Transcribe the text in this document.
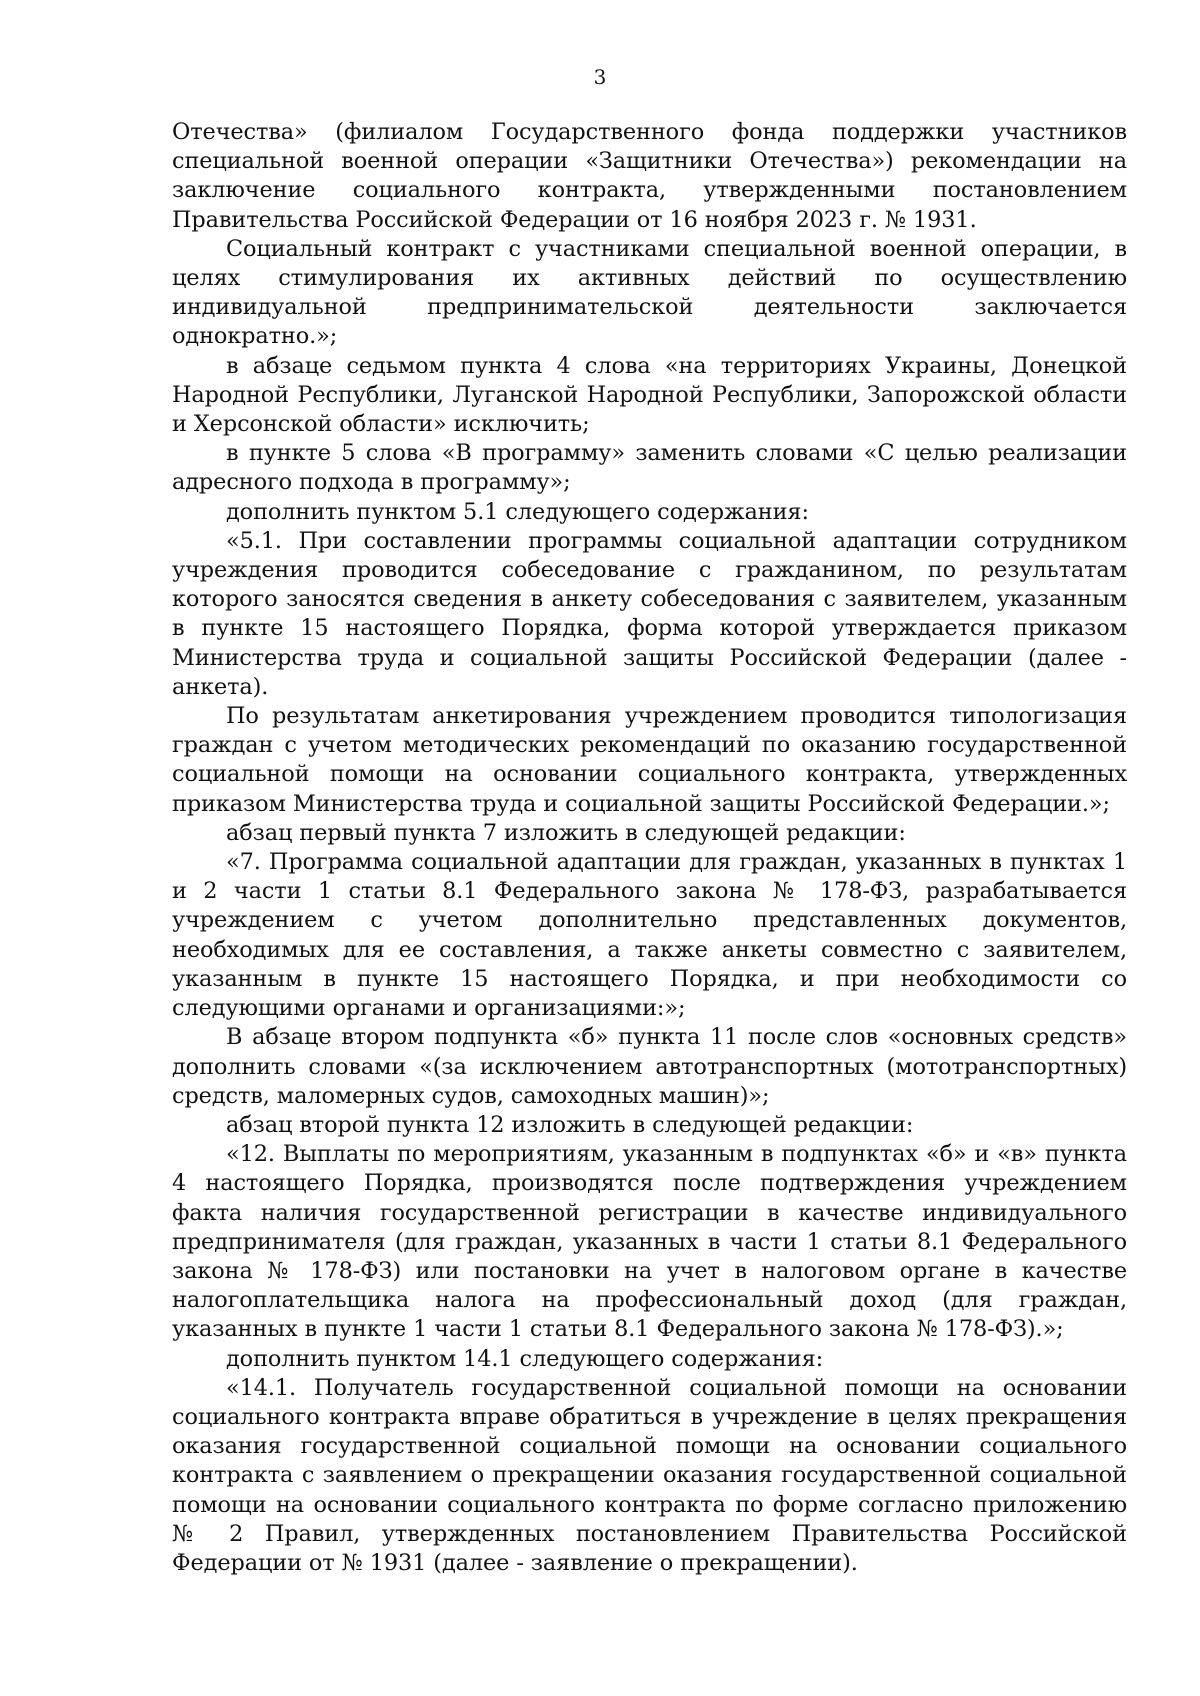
3

Отечества» (филиалом Государственного фонда поддержки участников специальной военной операции «Защитники Отечества») рекомендации на заключение социального контракта, утвержденными постановлением Правительства Российской Федерации от 16 ноября 2023 г. № 1931.

Социальный контракт с участниками специальной военной операции, в целях стимулирования их активных действий по осуществлению индивидуальной предпринимательской деятельности заключается однократно.»;

в абзаце седьмом пункта 4 слова «на территориях Украины, Донецкой Народной Республики, Луганской Народной Республики, Запорожской области и Херсонской области» исключить;

в пункте 5 слова «В программу» заменить словами «С целью реализации адресного подхода в программу»;

дополнить пунктом 5.1 следующего содержания:

«5.1. При составлении программы социальной адаптации сотрудником учреждения проводится собеседование с гражданином, по результатам которого заносятся сведения в анкету собеседования с заявителем, указанным в пункте 15 настоящего Порядка, форма которой утверждается приказом Министерства труда и социальной защиты Российской Федерации (далее - анкета).

По результатам анкетирования учреждением проводится типологизация граждан с учетом методических рекомендаций по оказанию государственной социальной помощи на основании социального контракта, утвержденных приказом Министерства труда и социальной защиты Российской Федерации.»;

абзац первый пункта 7 изложить в следующей редакции:

«7. Программа социальной адаптации для граждан, указанных в пунктах 1 и 2 части 1 статьи 8.1 Федерального закона № 178-ФЗ, разрабатывается учреждением с учетом дополнительно представленных документов, необходимых для ее составления, а также анкеты совместно с заявителем, указанным в пункте 15 настоящего Порядка, и при необходимости со следующими органами и организациями:»;

В абзаце втором подпункта «б» пункта 11 после слов «основных средств» дополнить словами «(за исключением автотранспортных (мототранспортных) средств, маломерных судов, самоходных машин)»;

абзац второй пункта 12 изложить в следующей редакции:

«12. Выплаты по мероприятиям, указанным в подпунктах «б» и «в» пункта 4 настоящего Порядка, производятся после подтверждения учреждением факта наличия государственной регистрации в качестве индивидуального предпринимателя (для граждан, указанных в части 1 статьи 8.1 Федерального закона № 178-ФЗ) или постановки на учет в налоговом органе в качестве налогоплательщика налога на профессиональный доход (для граждан, указанных в пункте 1 части 1 статьи 8.1 Федерального закона № 178-ФЗ).»;

дополнить пунктом 14.1 следующего содержания:

«14.1. Получатель государственной социальной помощи на основании социального контракта вправе обратиться в учреждение в целях прекращения оказания государственной социальной помощи на основании социального контракта с заявлением о прекращении оказания государственной социальной помощи на основании социального контракта по форме согласно приложению № 2 Правил, утвержденных постановлением Правительства Российской Федерации от № 1931 (далее - заявление о прекращении).
